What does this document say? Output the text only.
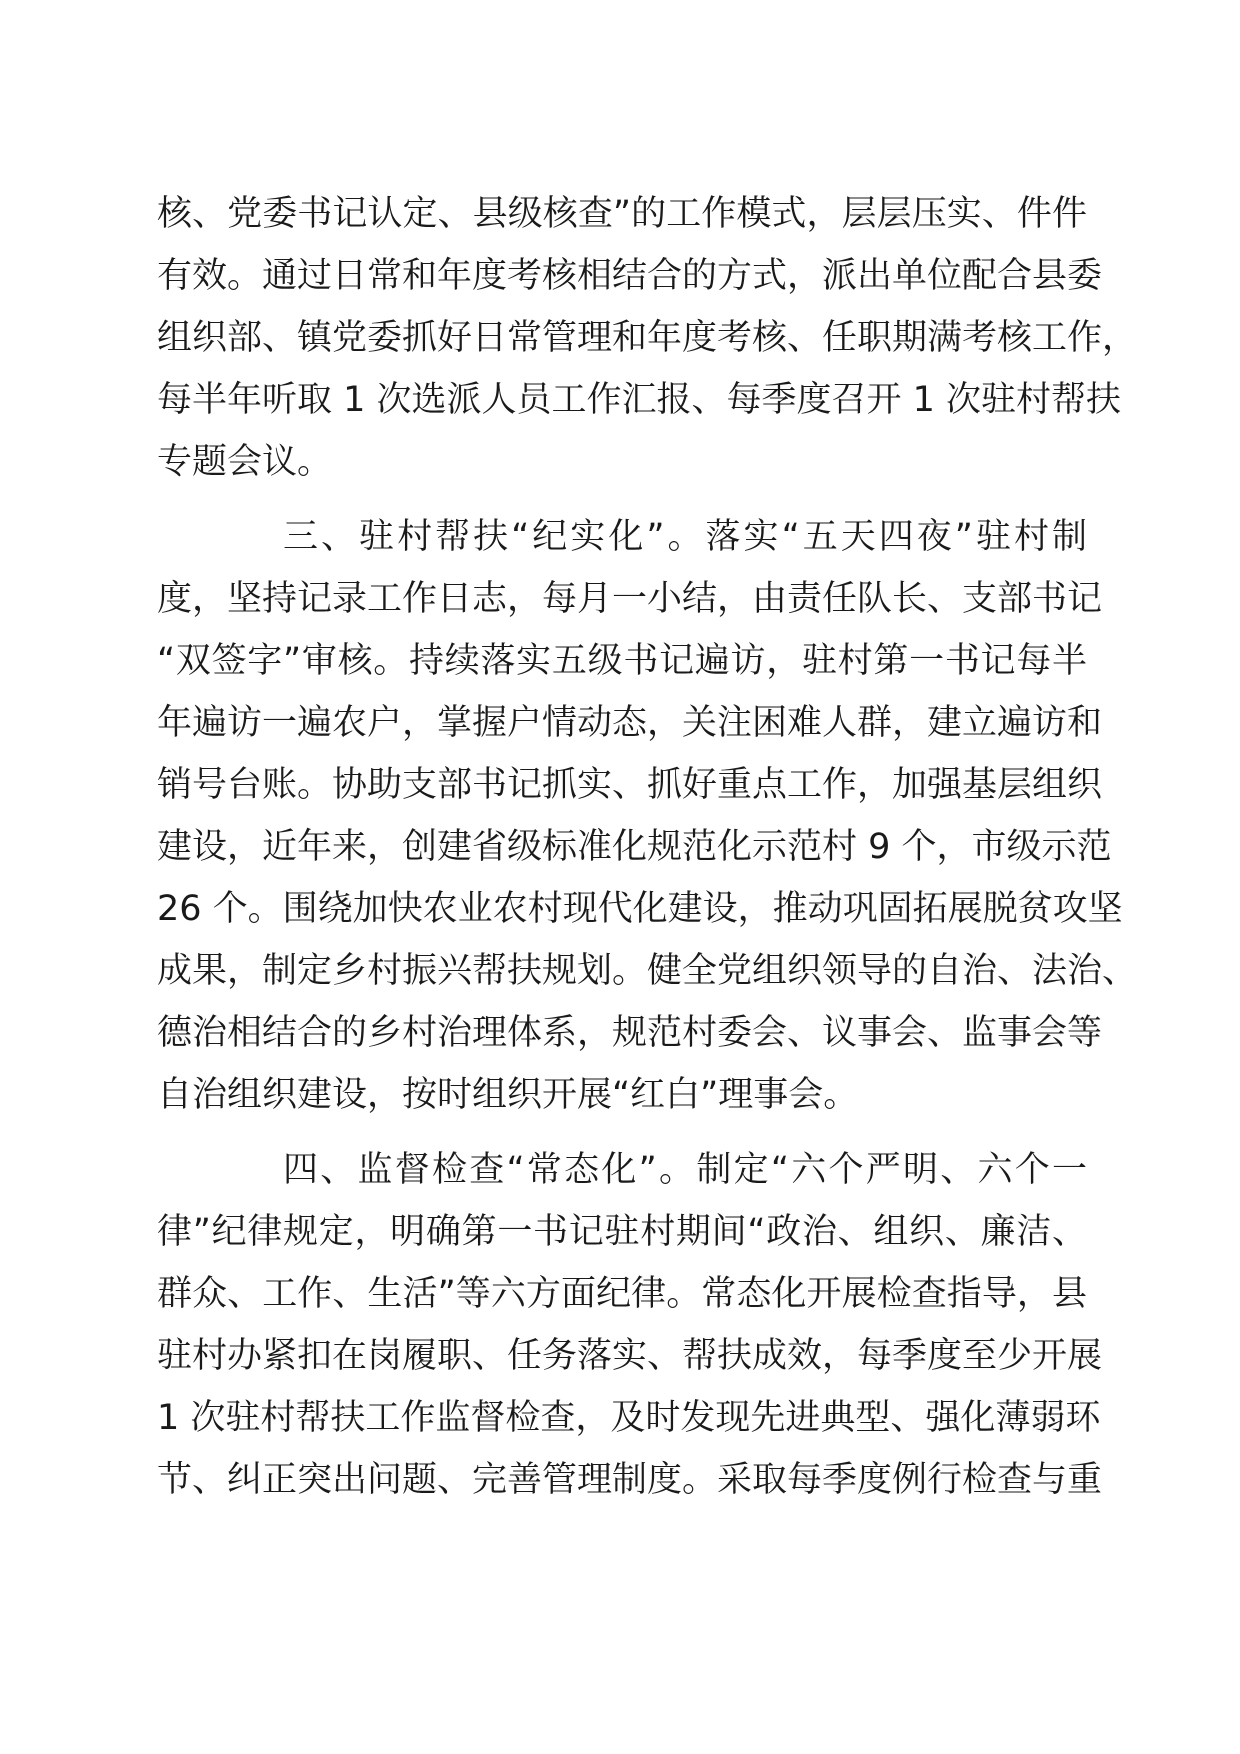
核、党委书记认定、县级核查”的工作模式，层层压实、件件
有效。通过日常和年度考核相结合的方式，派出单位配合县委
组织部、镇党委抓好日常管理和年度考核、任职期满考核工作，
每半年听取 1 次选派人员工作汇报、每季度召开 1 次驻村帮扶
专题会议。
三、驻村帮扶“纪实化”。落实“五天四夜”驻村制
度，坚持记录工作日志，每月一小结，由责任队长、支部书记
“双签字”审核。持续落实五级书记遍访，驻村第一书记每半
年遍访一遍农户，掌握户情动态，关注困难人群，建立遍访和
销号台账。协助支部书记抓实、抓好重点工作，加强基层组织
建设，近年来，创建省级标准化规范化示范村 9 个，市级示范
26 个。围绕加快农业农村现代化建设，推动巩固拓展脱贫攻坚
成果，制定乡村振兴帮扶规划。健全党组织领导的自治、法治、
德治相结合的乡村治理体系，规范村委会、议事会、监事会等
自治组织建设，按时组织开展“红白”理事会。
四、监督检查“常态化”。制定“六个严明、六个一
律”纪律规定，明确第一书记驻村期间“政治、组织、廉洁、
群众、工作、生活”等六方面纪律。常态化开展检查指导，县
驻村办紧扣在岗履职、任务落实、帮扶成效，每季度至少开展
1 次驻村帮扶工作监督检查，及时发现先进典型、强化薄弱环
节、纠正突出问题、完善管理制度。采取每季度例行检查与重
